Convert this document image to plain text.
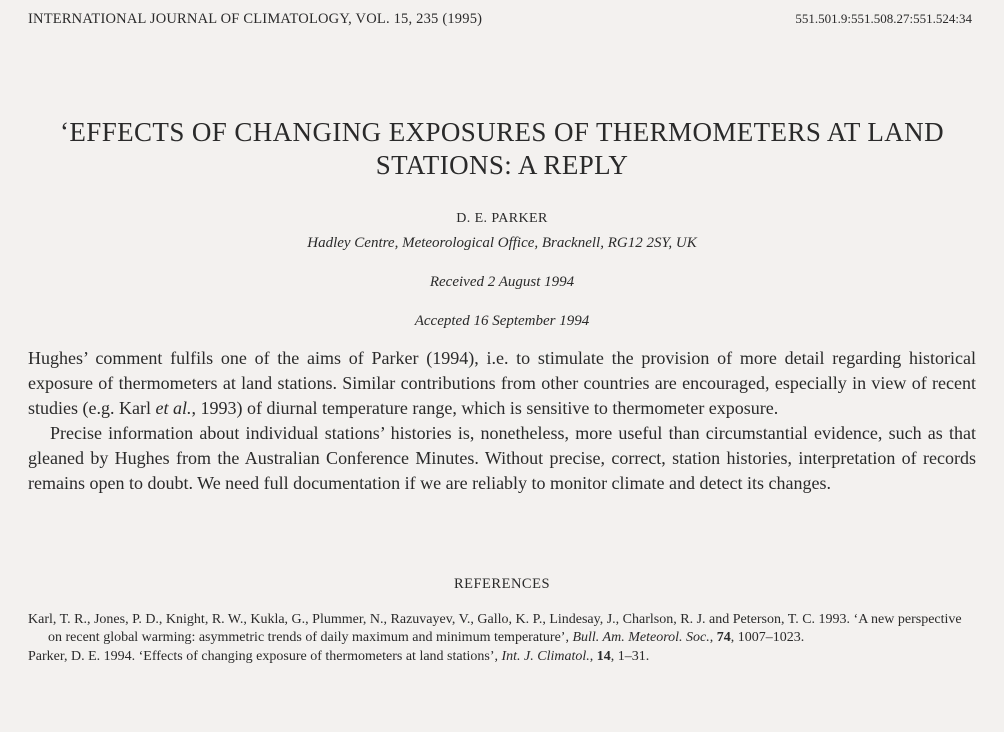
INTERNATIONAL JOURNAL OF CLIMATOLOGY, VOL. 15, 235 (1995)	551.501.9:551.508.27:551.524:34
‘EFFECTS OF CHANGING EXPOSURES OF THERMOMETERS AT LAND STATIONS: A REPLY
D. E. PARKER
Hadley Centre, Meteorological Office, Bracknell, RG12 2SY, UK
Received 2 August 1994
Accepted 16 September 1994

Hughes’ comment fulfils one of the aims of Parker (1994), i.e. to stimulate the provision of more detail regarding historical exposure of thermometers at land stations. Similar contributions from other countries are encouraged, especially in view of recent studies (e.g. Karl et al., 1993) of diurnal temperature range, which is sensitive to thermometer exposure.

Precise information about individual stations’ histories is, nonetheless, more useful than circumstantial evidence, such as that gleaned by Hughes from the Australian Conference Minutes. Without precise, correct, station histories, interpretation of records remains open to doubt. We need full documentation if we are reliably to monitor climate and detect its changes.

REFERENCES

Karl, T. R., Jones, P. D., Knight, R. W., Kukla, G., Plummer, N., Razuvayev, V., Gallo, K. P., Lindesay, J., Charlson, R. J. and Peterson, T. C. 1993. ‘A new perspective on recent global warming: asymmetric trends of daily maximum and minimum temperature’, Bull. Am. Meteorol. Soc., 74, 1007–1023.

Parker, D. E. 1994. ‘Effects of changing exposure of thermometers at land stations’, Int. J. Climatol., 14, 1–31.
